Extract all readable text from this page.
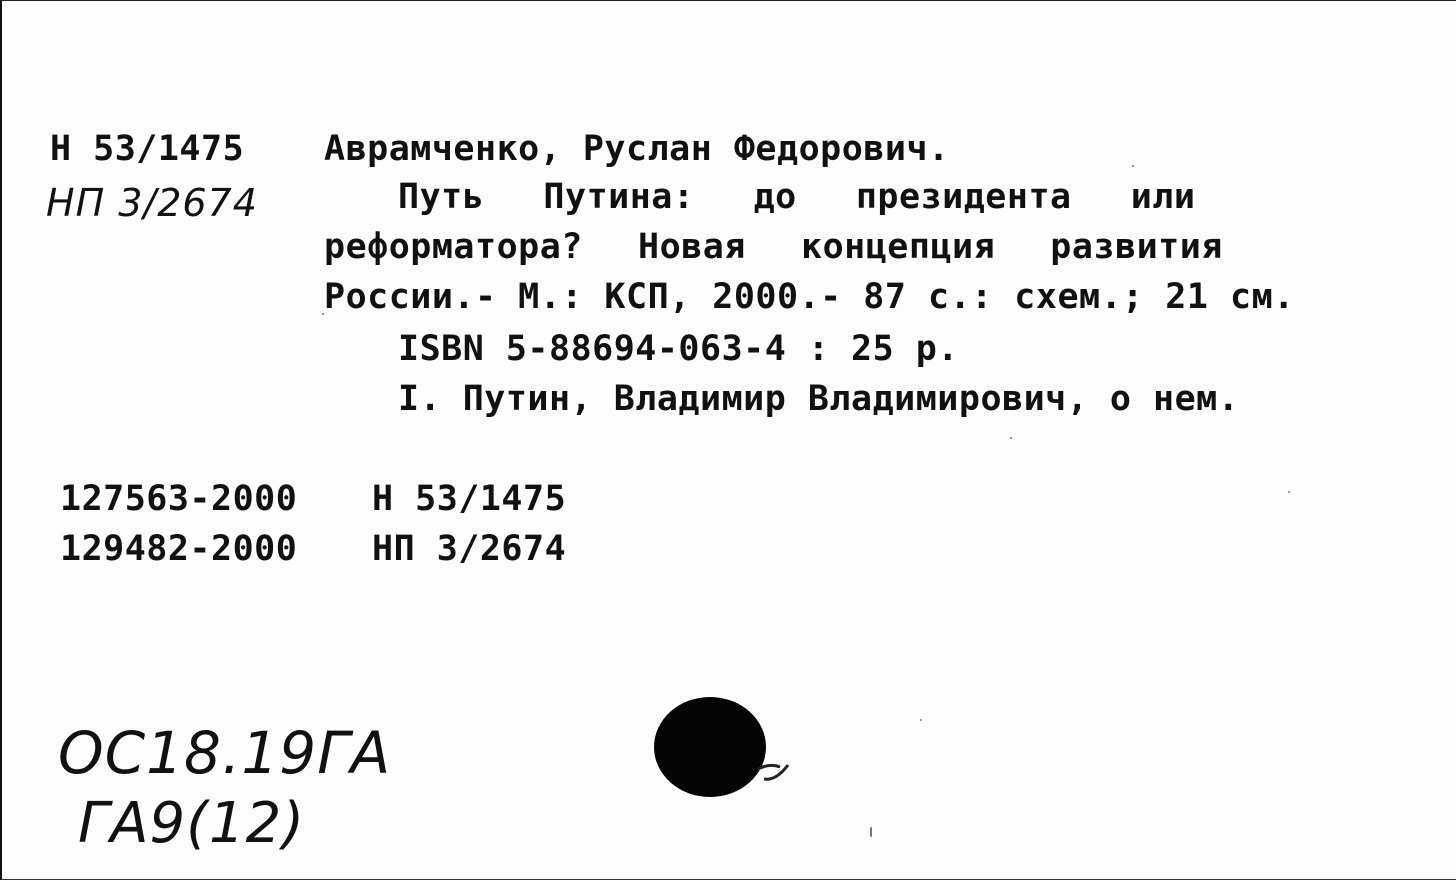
Н 53/1475
НП 3/2674
Аврамченко, Руслан Федорович.
Путь  Путина:  до  президента  или
реформатора?  Новая  концепция  развития
России.- М.: КСП, 2000.- 87 с.: схем.; 21 см.
ISBN 5-88694-063-4 : 25 р.
I. Путин, Владимир Владимирович, о нем.
127563-2000 Н 53/1475
129482-2000 НП 3/2674
ОС18.19ГА
ГА9(12)
